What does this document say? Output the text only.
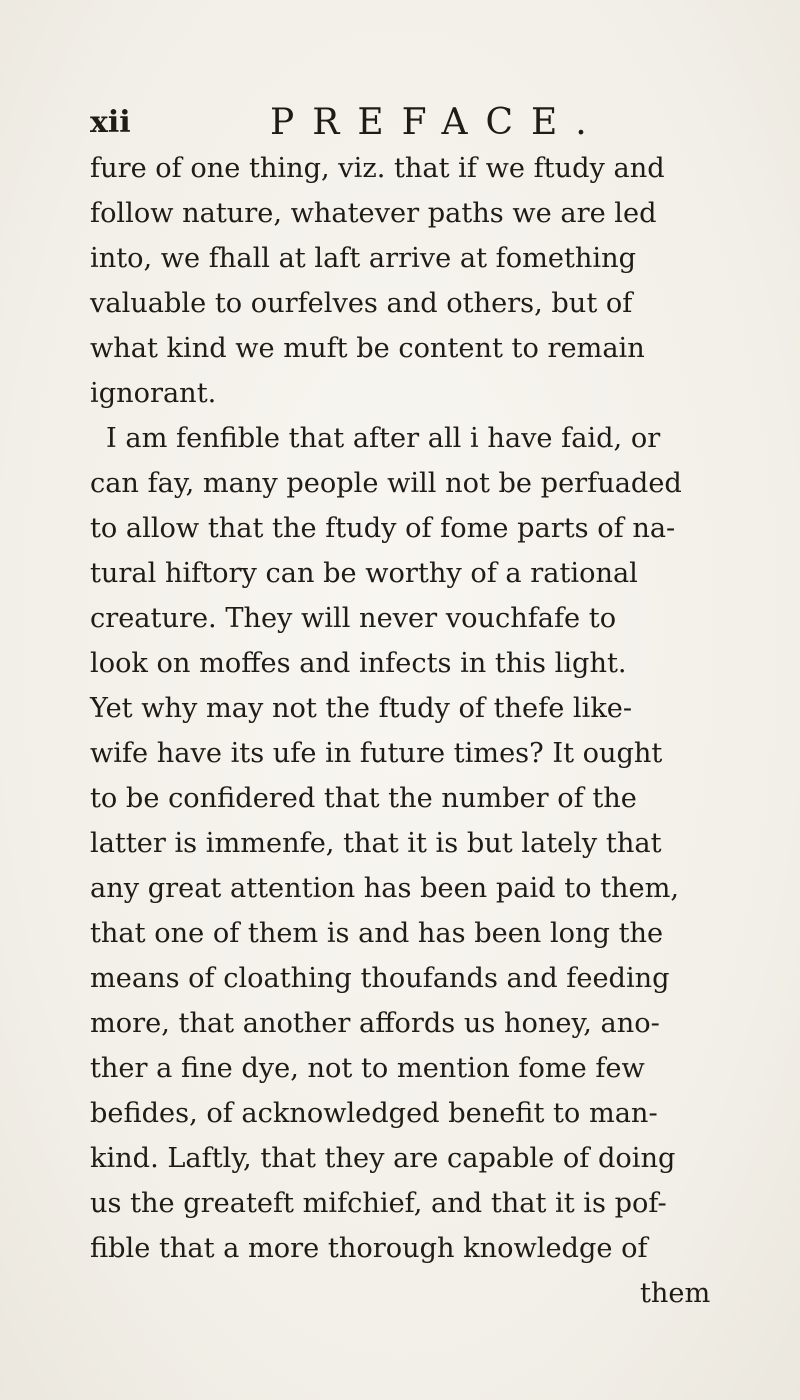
xii	PREFACE.
fure of one thing, viz. that if we ftudy and
follow nature, whatever paths we are led
into, we fhall at laft arrive at fomething
valuable to ourfelves and others, but of
what kind we muft be content to remain
ignorant.
I am fenfible that after all i have faid, or
can fay, many people will not be perfuaded
to allow that the ftudy of fome parts of na-
tural hiftory can be worthy of a rational
creature. They will never vouchfafe to
look on moffes and infects in this light.
Yet why may not the ftudy of thefe like-
wife have its ufe in future times? It ought
to be confidered that the number of the
latter is immenfe, that it is but lately that
any great attention has been paid to them,
that one of them is and has been long the
means of cloathing thoufands and feeding
more, that another affords us honey, ano-
ther a fine dye, not to mention fome few
befides, of acknowledged benefit to man-
kind. Laftly, that they are capable of doing
us the greateft mifchief, and that it is pof-
fible that a more thorough knowledge of
them
